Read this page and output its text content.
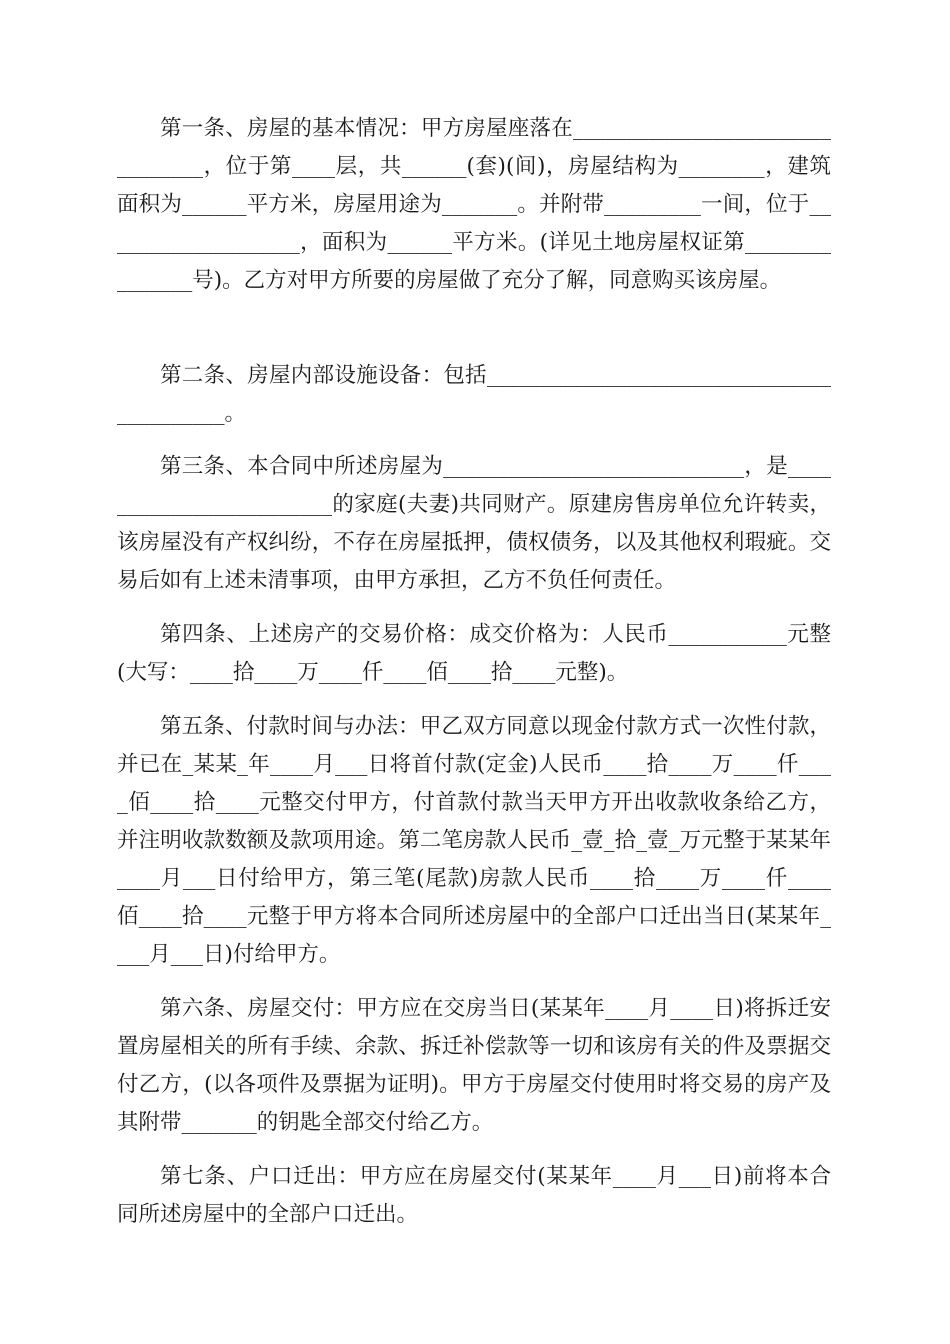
第一条、房屋的基本情况：甲方房屋座落在________________________________，位于第____层，共______(套)(间)，房屋结构为________，建筑面积为______平方米，房屋用途为_______。并附带_________一间，位于___________________，面积为______平方米。(详见土地房屋权证第_______________号)。乙方对甲方所要的房屋做了充分了解，同意购买该房屋。

第二条、房屋内部设施设备：包括__________________________________________。

第三条、本合同中所述房屋为____________________________，是________________________的家庭(夫妻)共同财产。原建房售房单位允许转卖，该房屋没有产权纠纷，不存在房屋抵押，债权债务，以及其他权利瑕疵。交易后如有上述未清事项，由甲方承担，乙方不负任何责任。

第四条、上述房产的交易价格：成交价格为：人民币___________元整(大写：____拾____万____仟____佰____拾____元整)。

第五条、付款时间与办法：甲乙双方同意以现金付款方式一次性付款，并已在_某某_年____月___日将首付款(定金)人民币____拾____万____仟____佰____拾____元整交付甲方，付首款付款当天甲方开出收款收条给乙方，并注明收款数额及款项用途。第二笔房款人民币_壹_拾_壹_万元整于某某年____月___日付给甲方，第三笔(尾款)房款人民币____拾____万____仟____佰____拾____元整于甲方将本合同所述房屋中的全部户口迁出当日(某某年____月___日)付给甲方。

第六条、房屋交付：甲方应在交房当日(某某年____月____日)将拆迁安置房屋相关的所有手续、余款、拆迁补偿款等一切和该房有关的件及票据交付乙方，(以各项件及票据为证明)。甲方于房屋交付使用时将交易的房产及其附带_______的钥匙全部交付给乙方。

第七条、户口迁出：甲方应在房屋交付(某某年____月___日)前将本合同所述房屋中的全部户口迁出。
